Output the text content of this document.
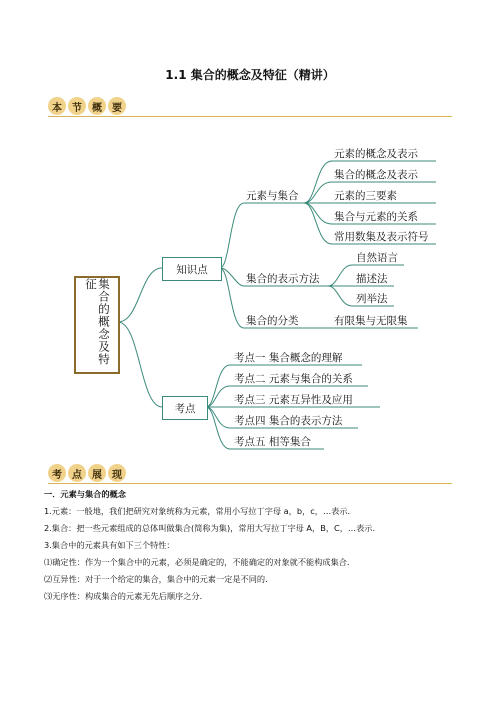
1.1 集合的概念及特征（精讲）
本	节	概	要
集合的概念及特征
知识点
考点
元素与集合
集合的表示方法
集合的分类
元素的概念及表示
集合的概念及表示
元素的三要素
集合与元素的关系
常用数集及表示符号
自然语言
描述法
列举法
有限集与无限集
考点一 集合概念的理解
考点二 元素与集合的关系
考点三 元素互异性及应用
考点四 集合的表示方法
考点五 相等集合
考	点	展	现
一．元素与集合的概念
1.元素：一般地，我们把研究对象统称为元素，常用小写拉丁字母 a，b，c，…表示．
2.集合：把一些元素组成的总体叫做集合(简称为集)，常用大写拉丁字母 A，B，C，…表示．
3.集合中的元素具有如下三个特性：
⑴确定性：作为一个集合中的元素，必须是确定的，不能确定的对象就不能构成集合．
⑵互异性：对于一个给定的集合，集合中的元素一定是不同的．
⑶无序性：构成集合的元素无先后顺序之分．
